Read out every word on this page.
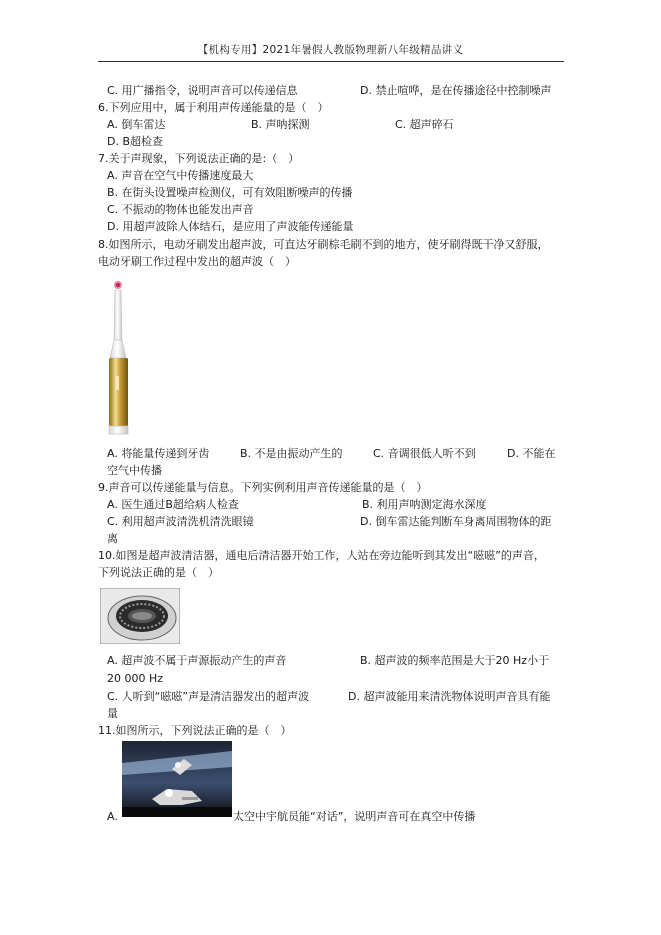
【机构专用】2021年暑假人教版物理新八年级精品讲义
C. 用广播指令，说明声音可以传递信息	D. 禁止喧哗，是在传播途径中控制噪声
6.下列应用中，属于利用声传递能量的是（　）
A. 倒车雷达	B. 声呐探测	C. 超声碎石
D. B超检查
7.关于声现象，下列说法正确的是:（　）
A. 声音在空气中传播速度最大
B. 在街头设置噪声检测仪，可有效阻断噪声的传播
C. 不振动的物体也能发出声音
D. 用超声波除人体结石，是应用了声波能传递能量
8.如图所示，电动牙刷发出超声波，可直达牙刷棕毛刷不到的地方，使牙刷得既干净又舒服，
电动牙刷工作过程中发出的超声波（　）
A. 将能量传递到牙齿	B. 不是由振动产生的	C. 音调很低人听不到	D. 不能在
空气中传播
9.声音可以传递能量与信息。下列实例利用声音传递能量的是（　）
A. 医生通过B超给病人检查	B. 利用声呐测定海水深度
C. 利用超声波清洗机清洗眼镜	D. 倒车雷达能判断车身离周围物体的距
离
10.如图是超声波清洁器，通电后清洁器开始工作，人站在旁边能听到其发出“嗞嗞”的声音，
下列说法正确的是（　）
A. 超声波不属于声源振动产生的声音	B. 超声波的频率范围是大于20 Hz小于
20 000 Hz
C. 人听到“嗞嗞”声是清洁器发出的超声波	D. 超声波能用来清洗物体说明声音具有能
量
11.如图所示，下列说法正确的是（　）
A.	太空中宇航员能“对话”，说明声音可在真空中传播
